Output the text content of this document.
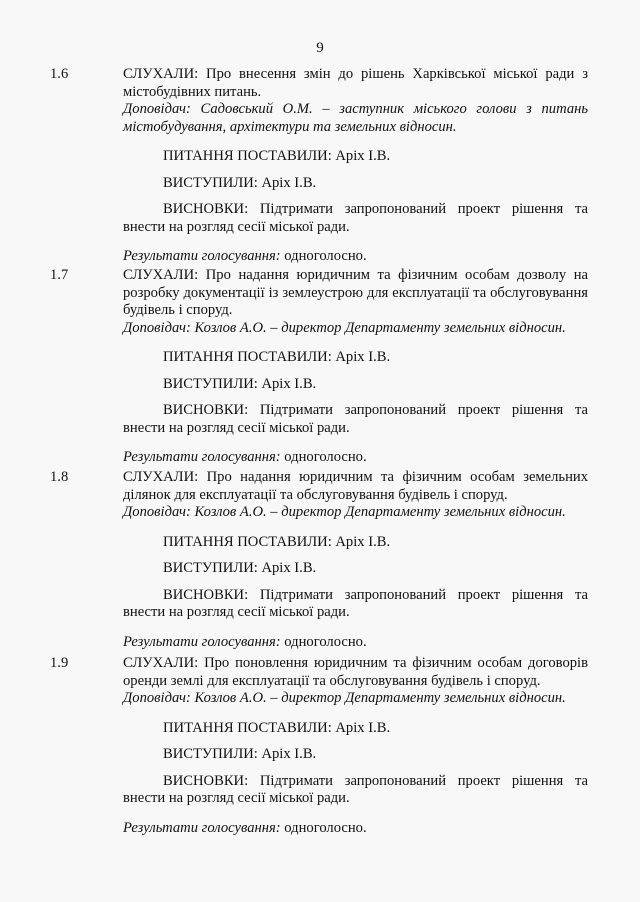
9
1.6	СЛУХАЛИ: Про внесення змін до рішень Харківської міської ради з містобудівних питань.
Доповідач: Садовський О.М. – заступник міського голови з питань містобудування, архітектури та земельних відносин.
ПИТАННЯ ПОСТАВИЛИ: Аріх І.В.
ВИСТУПИЛИ: Аріх І.В.
ВИСНОВКИ: Підтримати запропонований проект рішення та внести на розгляд сесії міської ради.
Результати голосування: одноголосно.
1.7	СЛУХАЛИ: Про надання юридичним та фізичним особам дозволу на розробку документації із землеустрою для експлуатації та обслуговування будівель і споруд.
Доповідач: Козлов А.О. – директор Департаменту земельних відносин.
ПИТАННЯ ПОСТАВИЛИ: Аріх І.В.
ВИСТУПИЛИ: Аріх І.В.
ВИСНОВКИ: Підтримати запропонований проект рішення та внести на розгляд сесії міської ради.
Результати голосування: одноголосно.
1.8	СЛУХАЛИ: Про надання юридичним та фізичним особам земельних ділянок для експлуатації та обслуговування будівель і споруд.
Доповідач: Козлов А.О. – директор Департаменту земельних відносин.
ПИТАННЯ ПОСТАВИЛИ: Аріх І.В.
ВИСТУПИЛИ: Аріх І.В.
ВИСНОВКИ: Підтримати запропонований проект рішення та внести на розгляд сесії міської ради.
Результати голосування: одноголосно.
1.9	СЛУХАЛИ: Про поновлення юридичним та фізичним особам договорів оренди землі для експлуатації та обслуговування будівель і споруд.
Доповідач: Козлов А.О. – директор Департаменту земельних відносин.
ПИТАННЯ ПОСТАВИЛИ: Аріх І.В.
ВИСТУПИЛИ: Аріх І.В.
ВИСНОВКИ: Підтримати запропонований проект рішення та внести на розгляд сесії міської ради.
Результати голосування: одноголосно.
